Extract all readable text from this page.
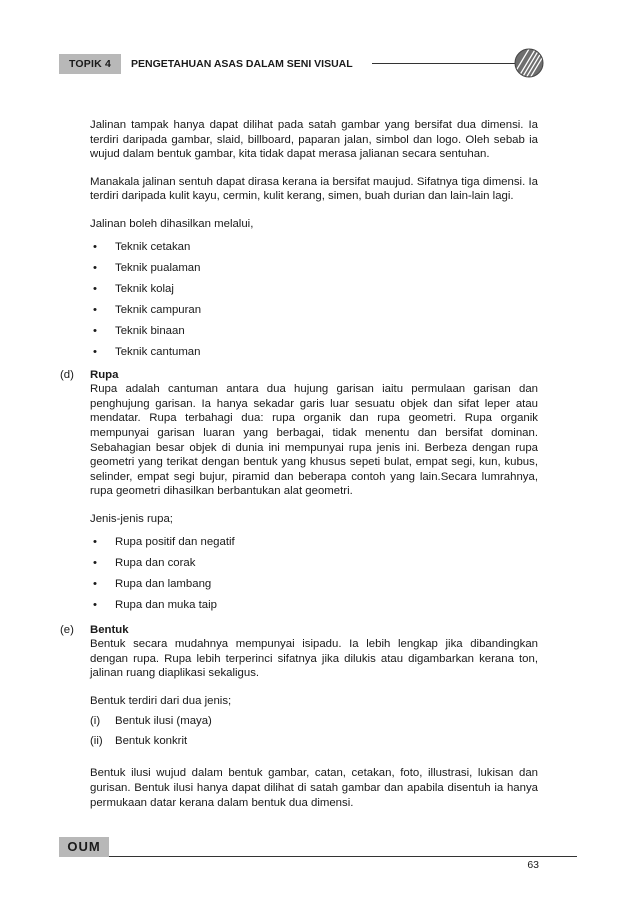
TOPIK 4	PENGETAHUAN ASAS DALAM SENI VISUAL

Jalinan tampak hanya dapat dilihat pada satah gambar yang bersifat dua dimensi. Ia terdiri daripada gambar, slaid, billboard, paparan jalan, simbol dan logo. Oleh sebab ia wujud dalam bentuk gambar, kita tidak dapat merasa jalianan secara sentuhan.

Manakala jalinan sentuh dapat dirasa kerana ia bersifat maujud. Sifatnya tiga dimensi. Ia terdiri daripada kulit kayu, cermin, kulit kerang, simen, buah durian dan lain-lain lagi.

Jalinan boleh dihasilkan melalui,

• Teknik cetakan
• Teknik pualaman
• Teknik kolaj
• Teknik campuran
• Teknik binaan
• Teknik cantuman
(d) Rupa

Rupa adalah cantuman antara dua hujung garisan iaitu permulaan garisan dan penghujung garisan. Ia hanya sekadar garis luar sesuatu objek dan sifat leper atau mendatar. Rupa terbahagi dua: rupa organik dan rupa geometri. Rupa organik mempunyai garisan luaran yang berbagai, tidak menentu dan bersifat dominan. Sebahagian besar objek di dunia ini mempunyai rupa jenis ini. Berbeza dengan rupa geometri yang terikat dengan bentuk yang khusus sepeti bulat, empat segi, kun, kubus, selinder, empat segi bujur, piramid dan beberapa contoh yang lain.Secara lumrahnya, rupa geometri dihasilkan berbantukan alat geometri.

Jenis-jenis rupa;

• Rupa positif dan negatif
• Rupa dan corak
• Rupa dan lambang
• Rupa dan muka taip
(e) Bentuk

Bentuk secara mudahnya mempunyai isipadu. Ia lebih lengkap jika dibandingkan dengan rupa. Rupa lebih terperinci sifatnya jika dilukis atau digambarkan kerana ton, jalinan ruang diaplikasi sekaligus.

Bentuk terdiri dari dua jenis;

(i) Bentuk ilusi (maya)
(ii) Bentuk konkrit

Bentuk ilusi wujud dalam bentuk gambar, catan, cetakan, foto, illustrasi, lukisan dan gurisan. Bentuk ilusi hanya dapat dilihat di satah gambar dan apabila disentuh ia hanya permukaan datar kerana dalam bentuk dua dimensi.

OUM
63
